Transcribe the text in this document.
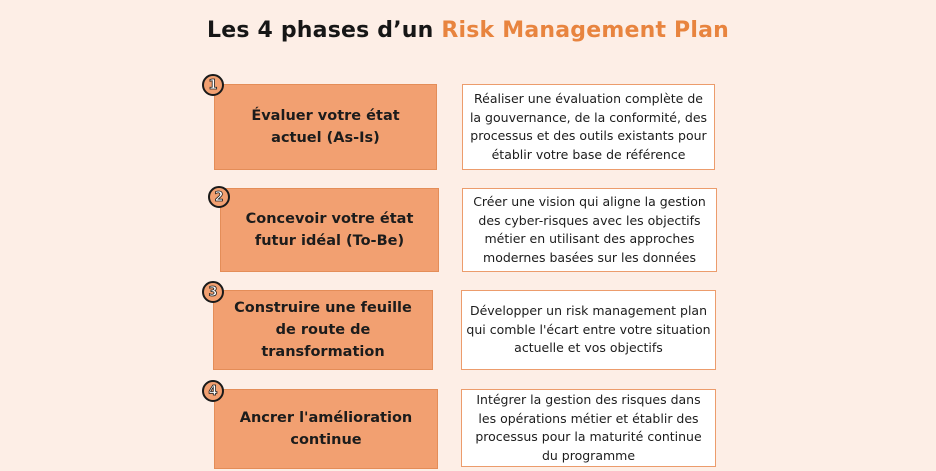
Les 4 phases d’un Risk Management Plan
1
Évaluer votre état actuel (As-Is)
Réaliser une évaluation complète de la gouvernance, de la conformité, des processus et des outils existants pour établir votre base de référence
2
Concevoir votre état futur idéal (To-Be)
Créer une vision qui aligne la gestion des cyber-risques avec les objectifs métier en utilisant des approches modernes basées sur les données
3
Construire une feuille de route de transformation
Développer un risk management plan qui comble l'écart entre votre situation actuelle et vos objectifs
4
Ancrer l'amélioration continue
Intégrer la gestion des risques dans les opérations métier et établir des processus pour la maturité continue du programme
